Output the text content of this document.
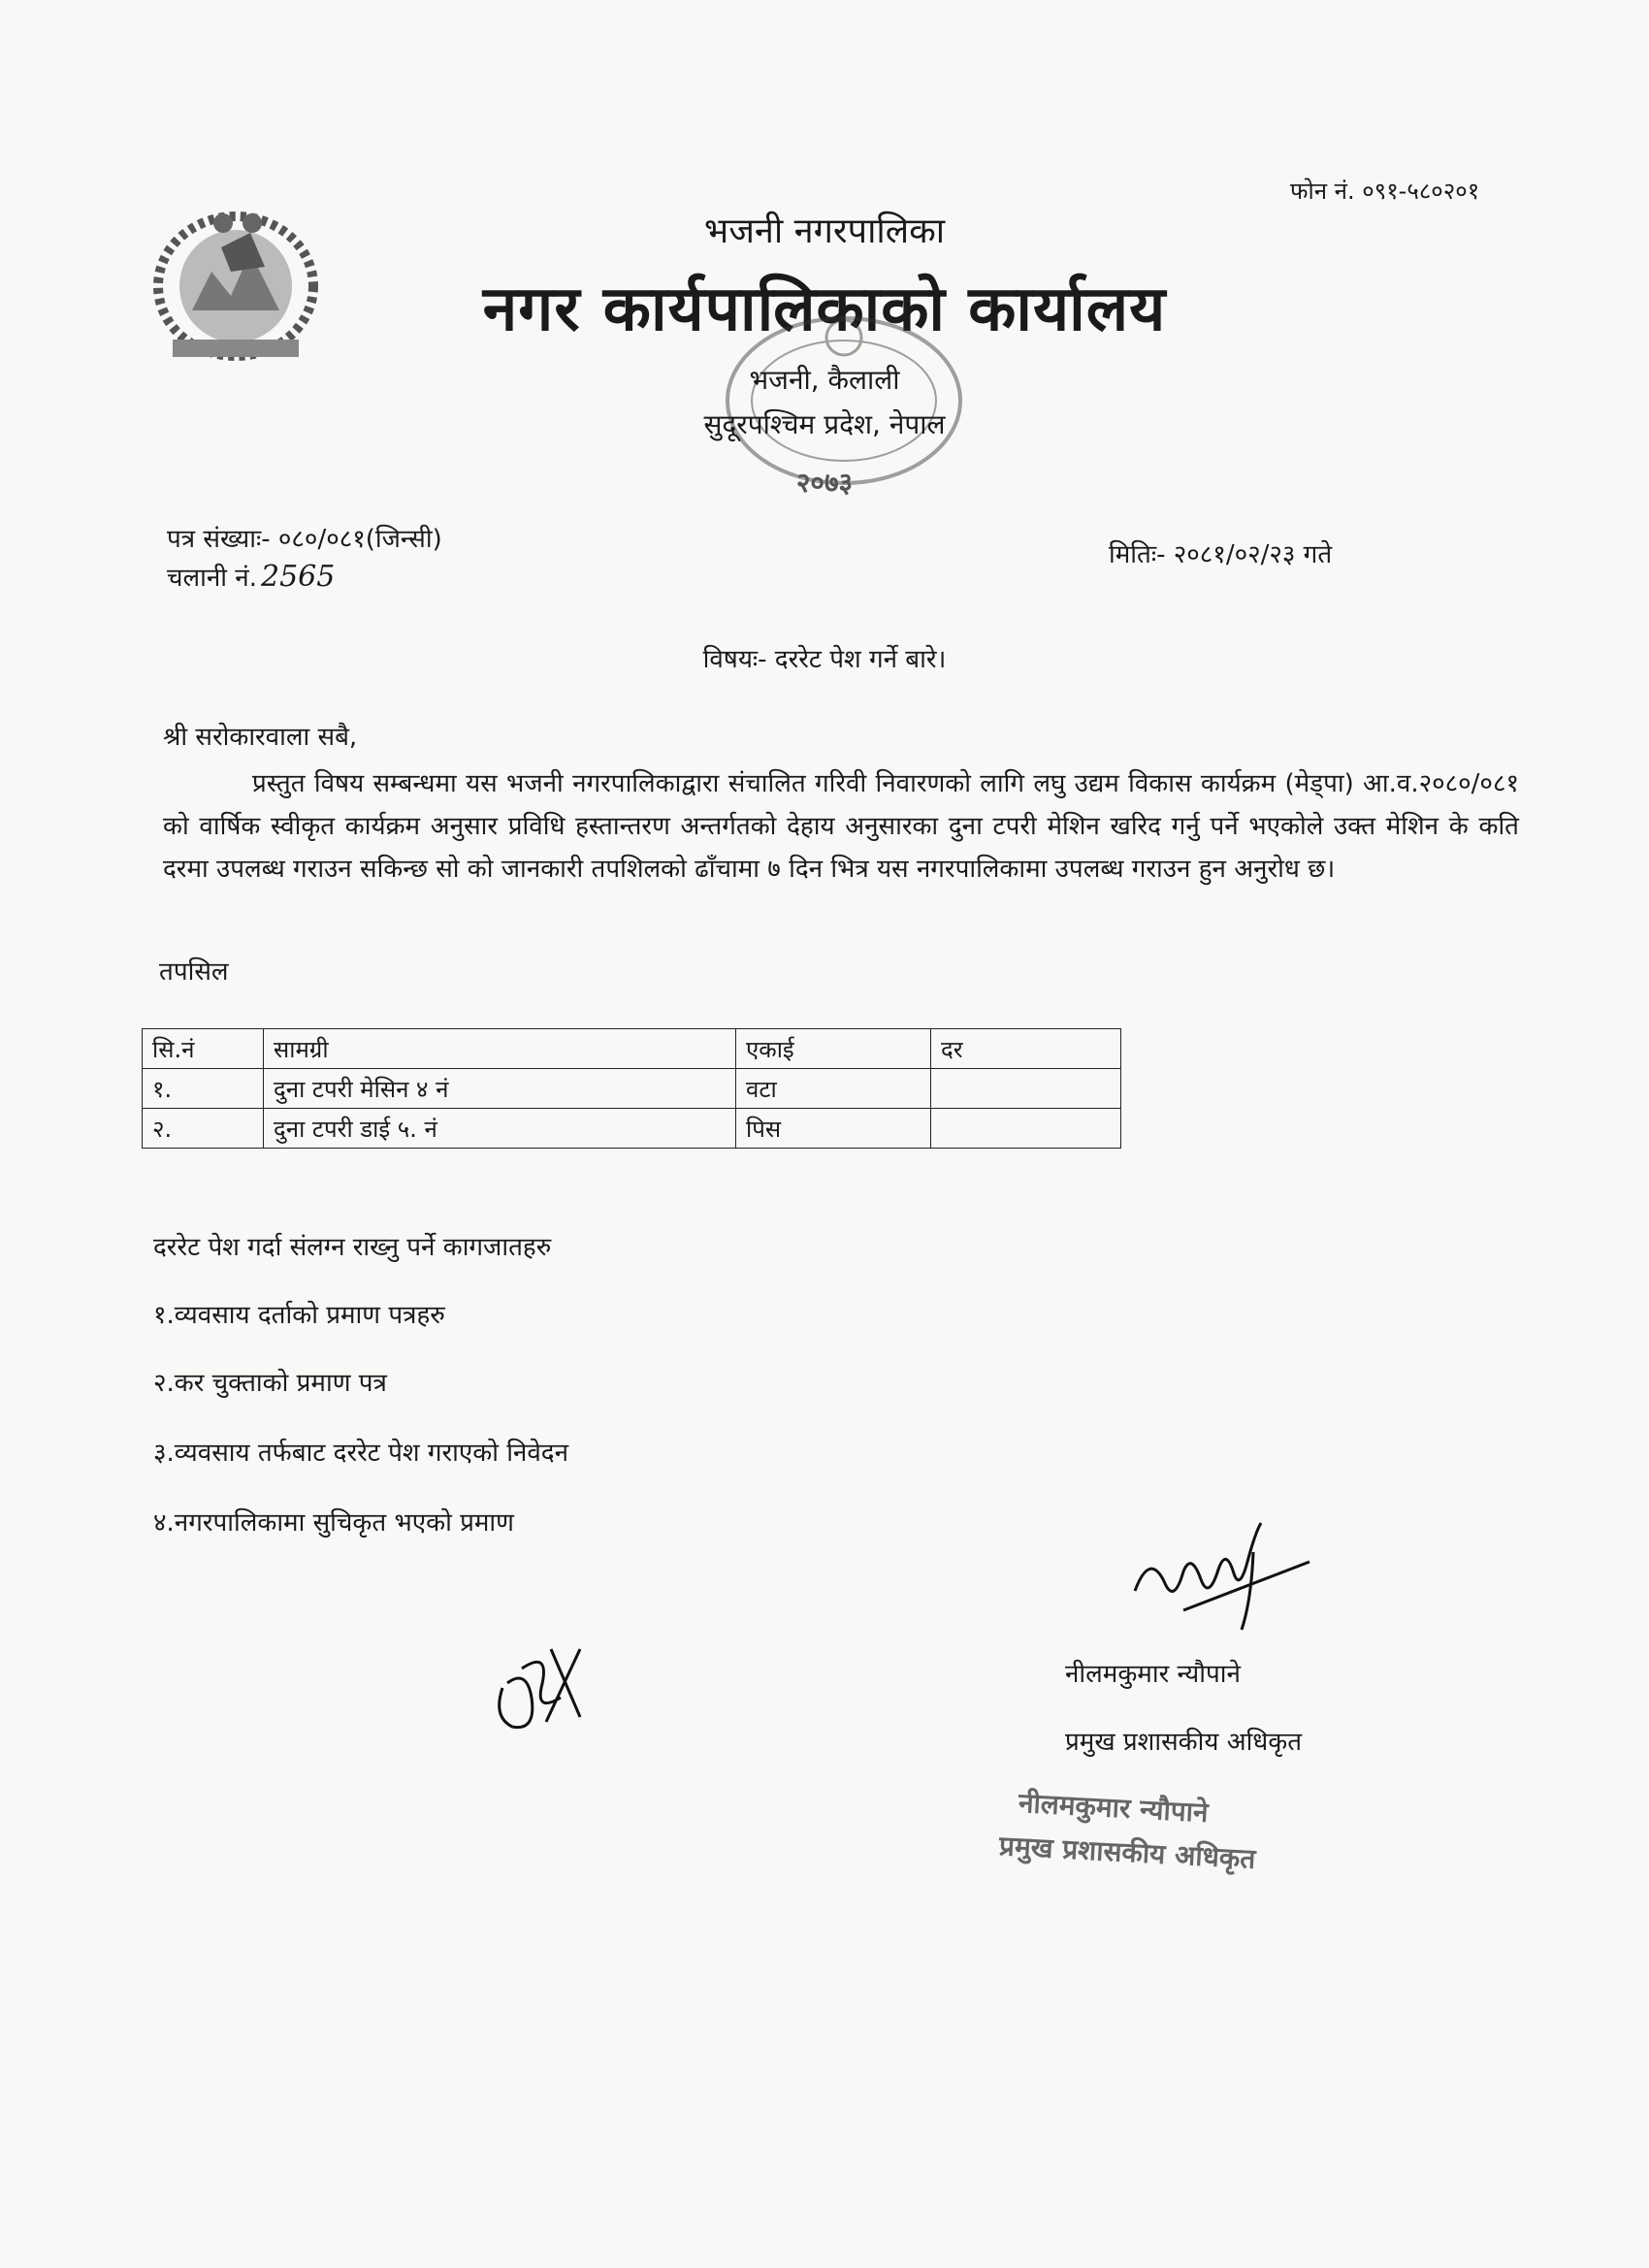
फोन नं. ०९१-५८०२०१
भजनी नगरपालिका
नगर कार्यपालिकाको कार्यालय
भजनी, कैलाली
सुदूरपश्चिम प्रदेश, नेपाल
२०७३
पत्र संख्याः- ०८०/०८१(जिन्सी)
चलानी नं. 2565
मितिः- २०८१/०२/२३ गते
विषयः- दररेट पेश गर्ने बारे।
श्री सरोकारवाला सबै,
प्रस्तुत विषय सम्बन्धमा यस भजनी नगरपालिकाद्वारा संचालित गरिवी निवारणको लागि लघु उद्यम विकास कार्यक्रम (मेड्पा) आ.व.२०८०/०८१ को वार्षिक स्वीकृत कार्यक्रम अनुसार प्रविधि हस्तान्तरण अन्तर्गतको देहाय अनुसारका दुना टपरी मेशिन खरिद गर्नु पर्ने भएकोले उक्त मेशिन के कति दरमा उपलब्ध गराउन सकिन्छ सो को जानकारी तपशिलको ढाँचामा ७ दिन भित्र यस नगरपालिकामा उपलब्ध गराउन हुन अनुरोध छ।
तपसिल
सि.नं	सामग्री	एकाई	दर
१.	दुना टपरी मेसिन ४ नं	वटा	
२.	दुना टपरी डाई ५. नं	पिस	
दररेट पेश गर्दा संलग्न राख्नु पर्ने कागजातहरु
१.व्यवसाय दर्ताको प्रमाण पत्रहरु
२.कर चुक्ताको प्रमाण पत्र
३.व्यवसाय तर्फबाट दररेट पेश गराएको निवेदन
४.नगरपालिकामा सुचिकृत भएको प्रमाण
नीलमकुमार न्यौपाने
प्रमुख प्रशासकीय अधिकृत
नीलमकुमार न्यौपाने
प्रमुख प्रशासकीय अधिकृत
